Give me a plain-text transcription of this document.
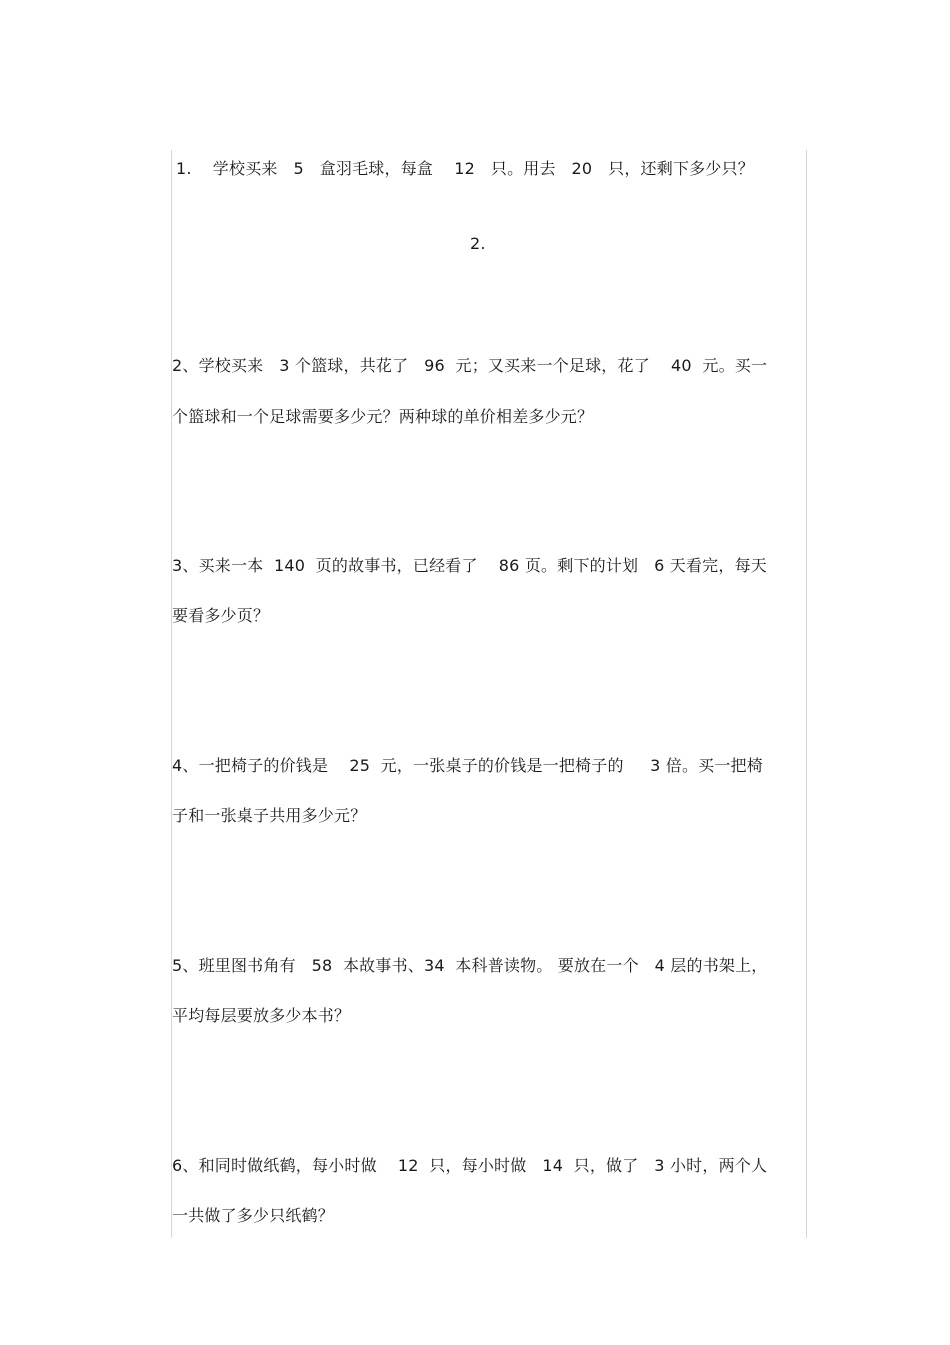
1.    学校买来   5   盒羽毛球，每盒    12   只。用去   20   只，还剩下多少只？
2.
2、学校买来   3 个篮球，共花了   96  元；又买来一个足球，花了    40  元。买一
个篮球和一个足球需要多少元？两种球的单价相差多少元？
3、买来一本  140  页的故事书，已经看了    86 页。剩下的计划   6 天看完，每天
要看多少页？
4、一把椅子的价钱是    25  元，一张桌子的价钱是一把椅子的     3 倍。买一把椅
子和一张桌子共用多少元？
5、班里图书角有   58  本故事书、34  本科普读物。 要放在一个   4 层的书架上，
平均每层要放多少本书？
6、和同时做纸鹤，每小时做    12  只，每小时做   14  只，做了   3 小时，两个人
一共做了多少只纸鹤？
